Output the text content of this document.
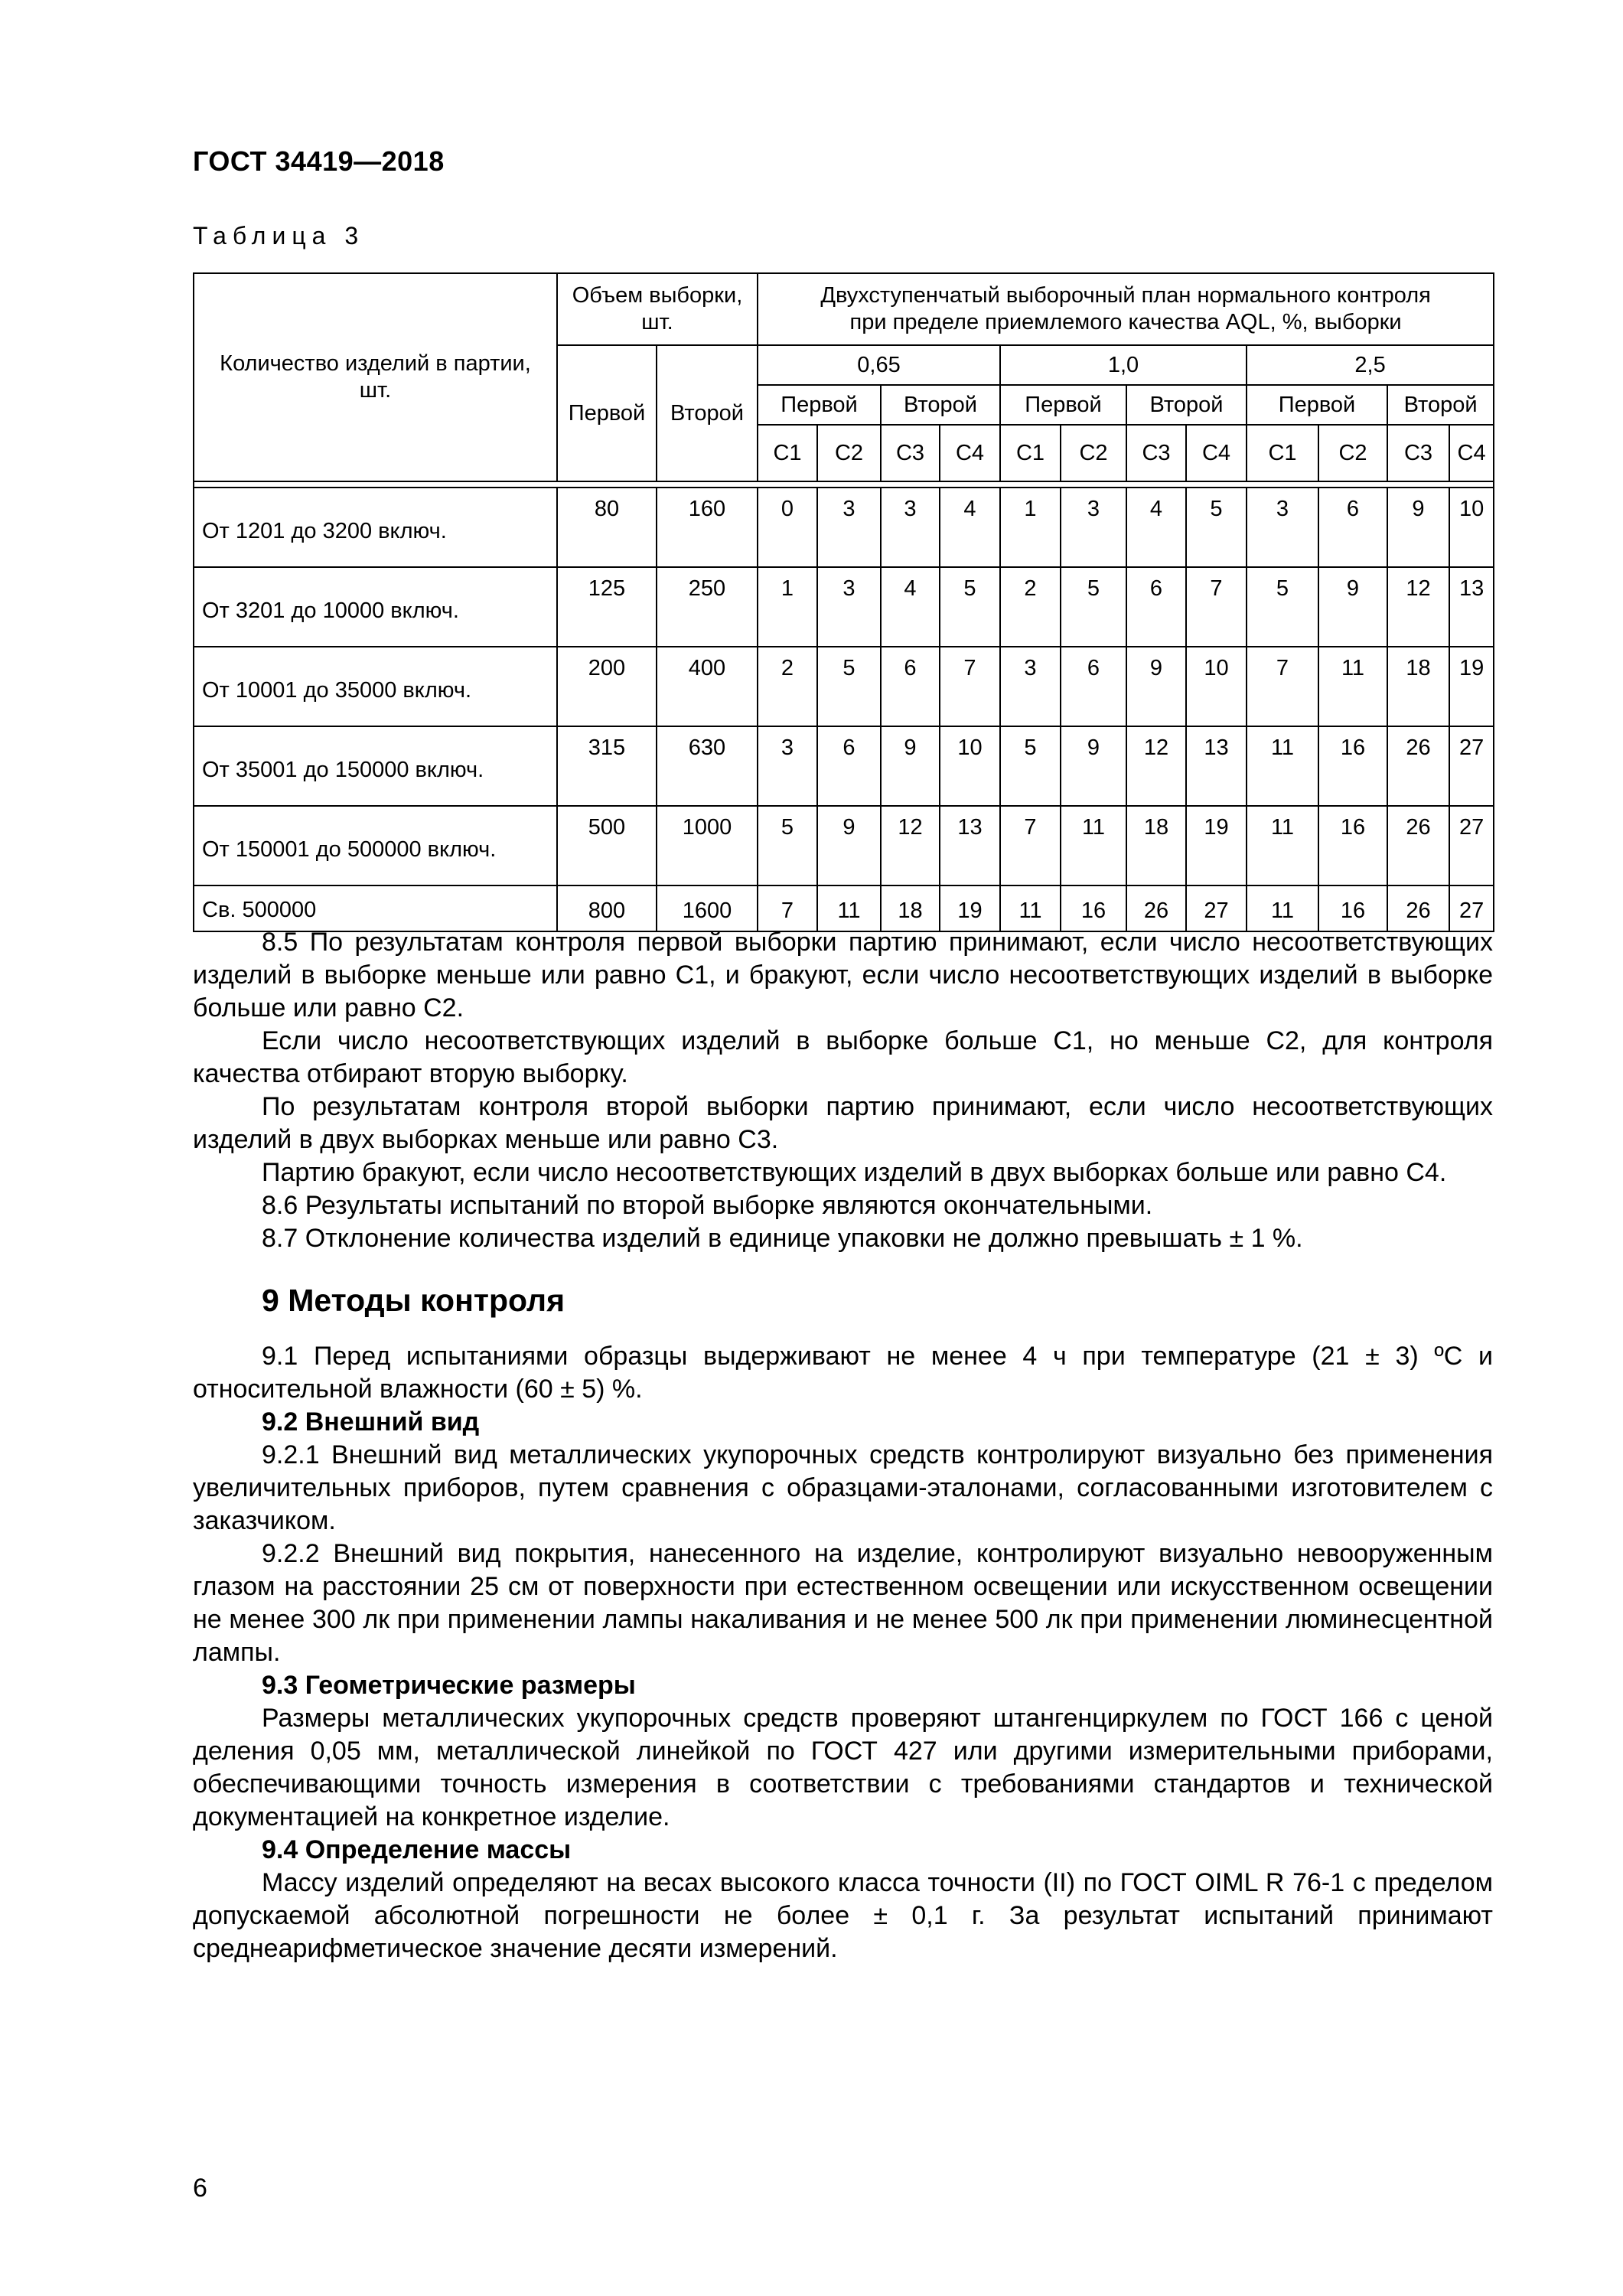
ГОСТ 34419—2018
Таблица 3
Количество изделий в партии, шт.	Объем выборки, шт.		Двухступенчатый выборочный план нормального контроля при пределе приемлемого качества AQL, %, выборки											
	Первой	Второй	0,65				1,0				2,5			
			Первой		Второй		Первой		Второй		Первой		Второй	
			С1	С2	С3	С4	С1	С2	С3	С4	С1	С2	С3	С4

От 1201 до 3200 включ.	80	160	0	3	3	4	1	3	4	5	3	6	9	10
От 3201 до 10000 включ.	125	250	1	3	4	5	2	5	6	7	5	9	12	13
От 10001 до 35000 включ.	200	400	2	5	6	7	3	6	9	10	7	11	18	19
От 35001 до 150000 включ.	315	630	3	6	9	10	5	9	12	13	11	16	26	27
От 150001 до 500000 включ.	500	1000	5	9	12	13	7	11	18	19	11	16	26	27
Св. 500000	800	1600	7	11	18	19	11	16	26	27	11	16	26	27

8.5 По результатам контроля первой выборки партию принимают, если число несоответствующих изделий в выборке меньше или равно С1, и бракуют, если число несоответствующих изделий в выборке больше или равно С2.

Если число несоответствующих изделий в выборке больше С1, но меньше С2, для контроля качества отбирают вторую выборку.

По результатам контроля второй выборки партию принимают, если число несоответствующих изделий в двух выборках меньше или равно С3.

Партию бракуют, если число несоответствующих изделий в двух выборках больше или равно С4.

8.6 Результаты испытаний по второй выборке являются окончательными.

8.7 Отклонение количества изделий в единице упаковки не должно превышать ± 1 %.

9 Методы контроля

9.1 Перед испытаниями образцы выдерживают не менее 4 ч при температуре (21 ± 3) ºС и относительной влажности (60 ± 5) %.

9.2 Внешний вид

9.2.1 Внешний вид металлических укупорочных средств контролируют визуально без применения увеличительных приборов, путем сравнения с образцами-эталонами, согласованными изготовителем с заказчиком.

9.2.2 Внешний вид покрытия, нанесенного на изделие, контролируют визуально невооруженным глазом на расстоянии 25 см от поверхности при естественном освещении или искусственном освещении не менее 300 лк при применении лампы накаливания и не менее 500 лк при применении люминесцентной лампы.

9.3 Геометрические размеры

Размеры металлических укупорочных средств проверяют штангенциркулем по ГОСТ 166 с ценой деления 0,05 мм, металлической линейкой по ГОСТ 427 или другими измерительными приборами, обеспечивающими точность измерения в соответствии с требованиями стандартов и технической документацией на конкретное изделие.

9.4 Определение массы

Массу изделий определяют на весах высокого класса точности (II) по ГОСТ OIML R 76-1 с пределом допускаемой абсолютной погрешности не более ± 0,1 г. За результат испытаний принимают среднеарифметическое значение десяти измерений.

6
